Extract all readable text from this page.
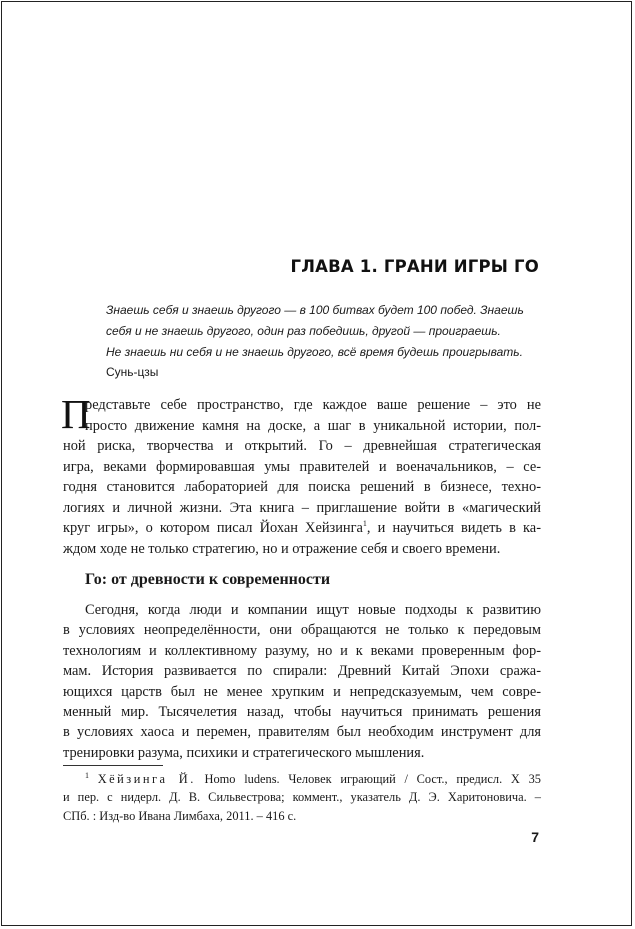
ГЛАВА 1. ГРАНИ ИГРЫ ГО
Знаешь себя и знаешь другого — в 100 битвах будет 100 побед. Знаешь
себя и не знаешь другого, один раз победишь, другой — проиграешь.
Не знаешь ни себя и не знаешь другого, всё время будешь проигрывать.
Сунь-цзы
П
редставьте себе пространство, где каждое ваше решение – это не
просто движение камня на доске, а шаг в уникальной истории, пол-
ной риска, творчества и открытий. Го – древнейшая стратегическая
игра, веками формировавшая умы правителей и военачальников, – се-
годня становится лабораторией для поиска решений в бизнесе, техно-
логиях и личной жизни. Эта книга – приглашение войти в «магический
круг игры», о котором писал Йохан Хейзинга$^1$, и научиться видеть в ка-
ждом ходе не только стратегию, но и отражение себя и своего времени.
Го: от древности к современности
Сегодня, когда люди и компании ищут новые подходы к развитию
в условиях неопределённости, они обращаются не только к передовым
технологиям и коллективному разуму, но и к веками проверенным фор-
мам. История развивается по спирали: Древний Китай Эпохи сража-
ющихся царств был не менее хрупким и непредсказуемым, чем совре-
менный мир. Тысячелетия назад, чтобы научиться принимать решения
в условиях хаоса и перемен, правителям был необходим инструмент для
тренировки разума, психики и стратегического мышления.
$^1$ Хёйзинга Й. Homo ludens. Человек играющий / Сост., предисл. Х 35
и пер. с нидерл. Д. В. Сильвестрова; коммент., указатель Д. Э. Харитоновича. –
СПб. : Изд-во Ивана Лимбаха, 2011. – 416 с.
7
